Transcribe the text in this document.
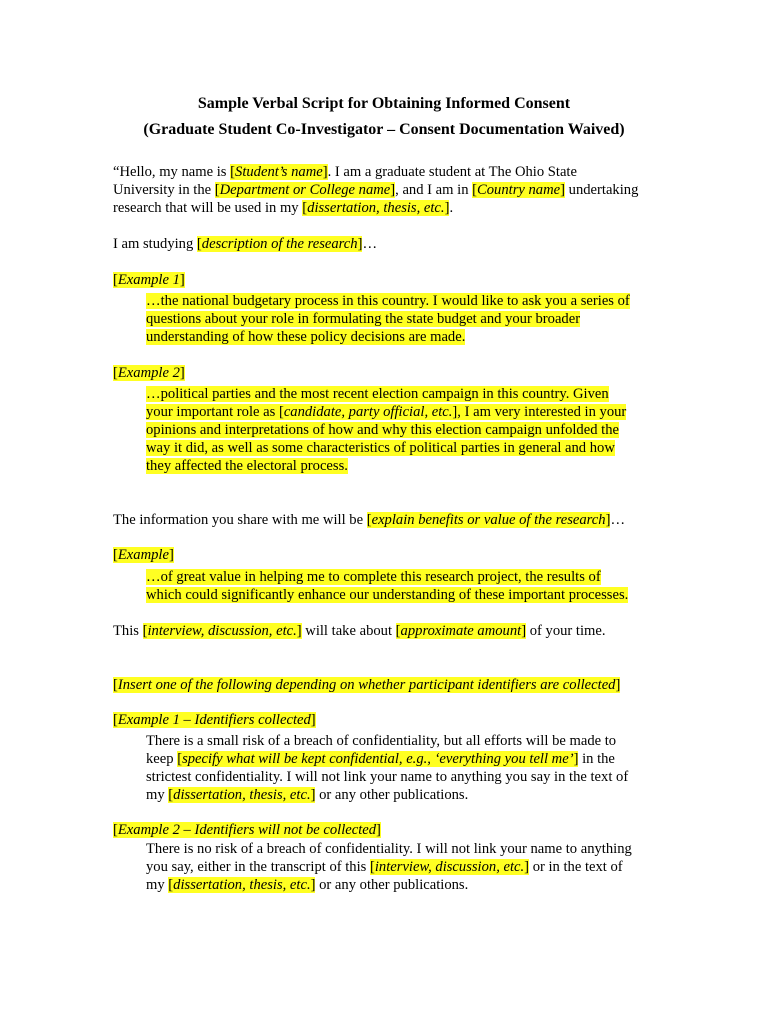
Sample Verbal Script for Obtaining Informed Consent

(Graduate Student Co-Investigator – Consent Documentation Waived)

“Hello, my name is [Student’s name]. I am a graduate student at The Ohio State
University in the [Department or College name], and I am in [Country name] undertaking
research that will be used in my [dissertation, thesis, etc.].
I am studying [description of the research]…
[Example 1]
…the national budgetary process in this country. I would like to ask you a series of
questions about your role in formulating the state budget and your broader
understanding of how these policy decisions are made.
[Example 2]
…political parties and the most recent election campaign in this country. Given
your important role as [candidate, party official, etc.], I am very interested in your
opinions and interpretations of how and why this election campaign unfolded the
way it did, as well as some characteristics of political parties in general and how
they affected the electoral process.
The information you share with me will be [explain benefits or value of the research]…
[Example]
…of great value in helping me to complete this research project, the results of
which could significantly enhance our understanding of these important processes.
This [interview, discussion, etc.] will take about [approximate amount] of your time.
[Insert one of the following depending on whether participant identifiers are collected]
[Example 1 – Identifiers collected]
There is a small risk of a breach of confidentiality, but all efforts will be made to
keep [specify what will be kept confidential, e.g., ‘everything you tell me’] in the
strictest confidentiality. I will not link your name to anything you say in the text of
my [dissertation, thesis, etc.] or any other publications.
[Example 2 – Identifiers will not be collected]
There is no risk of a breach of confidentiality. I will not link your name to anything
you say, either in the transcript of this [interview, discussion, etc.] or in the text of
my [dissertation, thesis, etc.] or any other publications.
